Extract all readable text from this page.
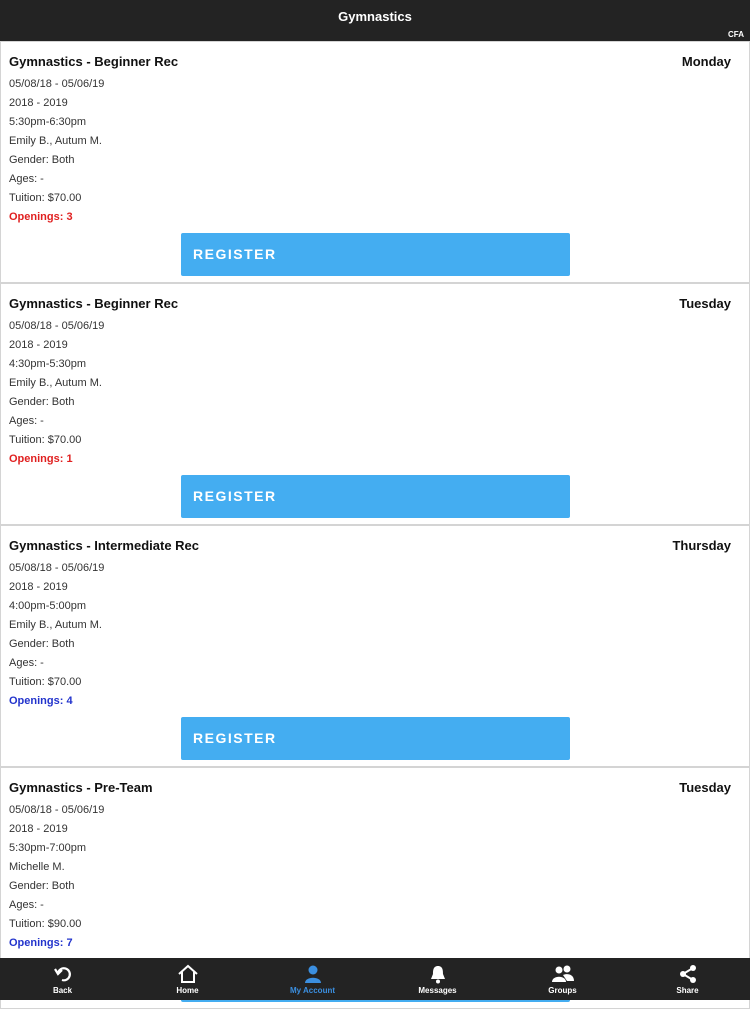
Gymnastics
CFA
Gymnastics - Beginner Rec	Monday
05/08/18 - 05/06/19
2018 - 2019
5:30pm-6:30pm
Emily B., Autum M.
Gender: Both
Ages: -
Tuition: $70.00
Openings: 3
REGISTER
Gymnastics - Beginner Rec	Tuesday
05/08/18 - 05/06/19
2018 - 2019
4:30pm-5:30pm
Emily B., Autum M.
Gender: Both
Ages: -
Tuition: $70.00
Openings: 1
REGISTER
Gymnastics - Intermediate Rec	Thursday
05/08/18 - 05/06/19
2018 - 2019
4:00pm-5:00pm
Emily B., Autum M.
Gender: Both
Ages: -
Tuition: $70.00
Openings: 4
REGISTER
Gymnastics - Pre-Team	Tuesday
05/08/18 - 05/06/19
2018 - 2019
5:30pm-7:00pm
Michelle M.
Gender: Both
Ages: -
Tuition: $90.00
Openings: 7
Back	Home	My Account	Messages	Groups	Share
